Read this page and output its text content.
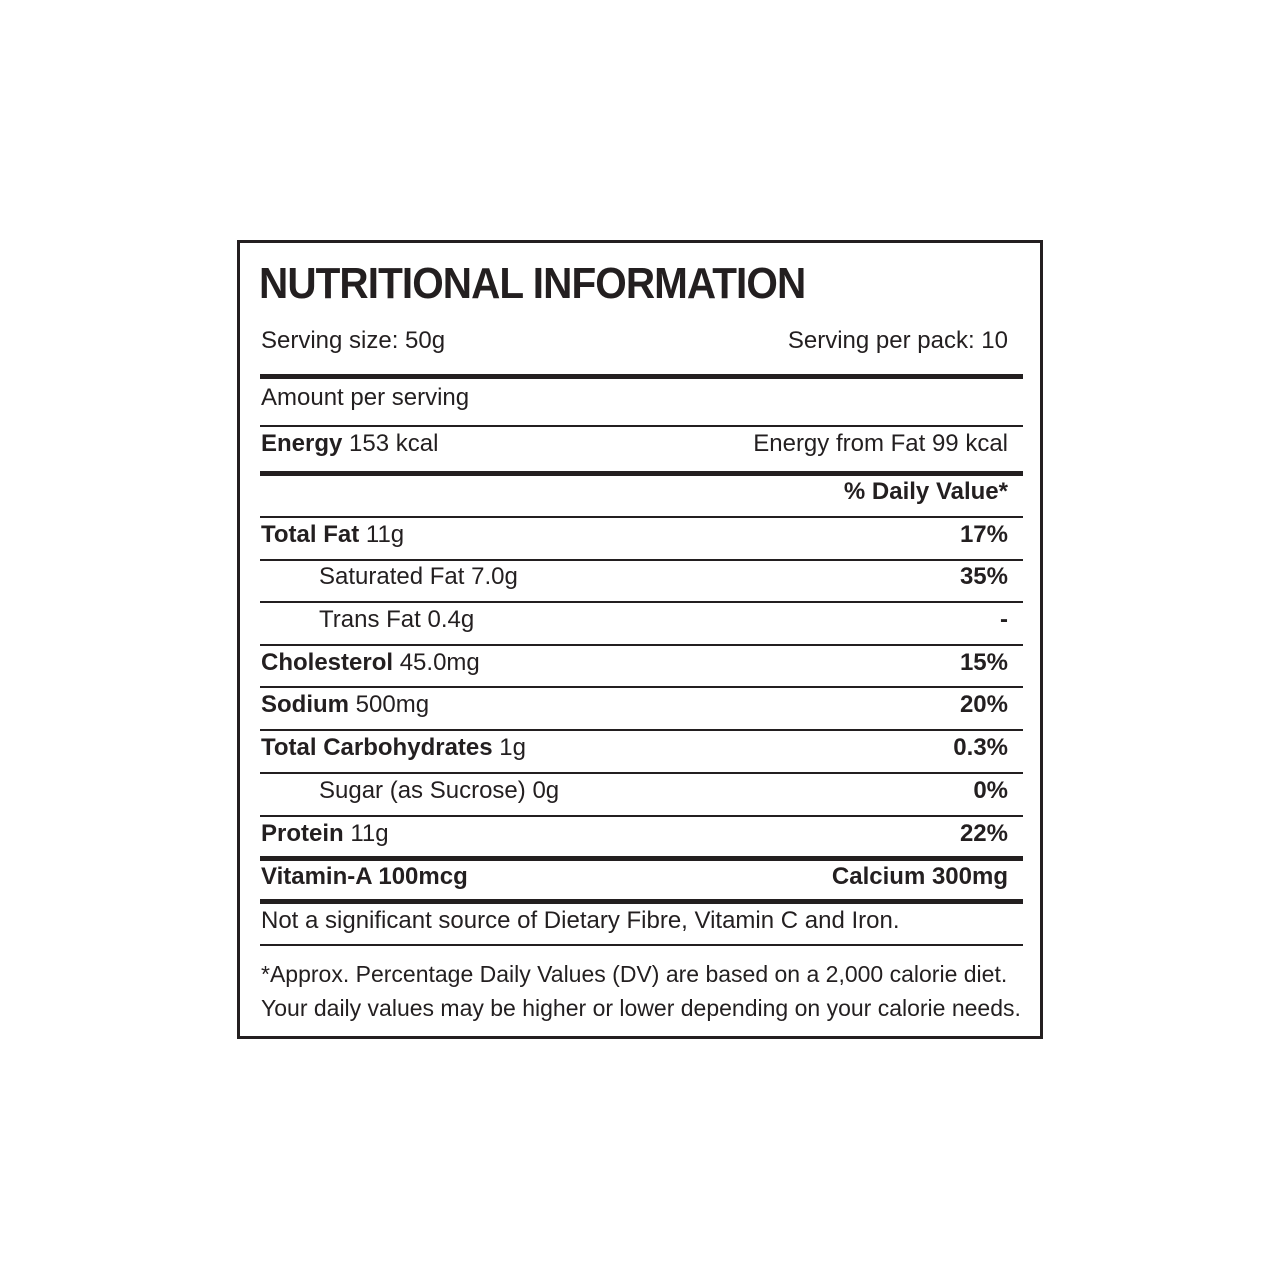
NUTRITIONAL INFORMATION
Serving size: 50g	Serving per pack: 10
Amount per serving
Energy 153 kcal	Energy from Fat 99 kcal
% Daily Value*
Total Fat 11g	17%
Saturated Fat 7.0g	35%
Trans Fat 0.4g	-
Cholesterol 45.0mg	15%
Sodium 500mg	20%
Total Carbohydrates 1g	0.3%
Sugar (as Sucrose) 0g	0%
Protein 11g	22%
Vitamin-A 100mcg	Calcium 300mg
Not a significant source of Dietary Fibre, Vitamin C and Iron.
*Approx. Percentage Daily Values (DV) are based on a 2,000 calorie diet.
Your daily values may be higher or lower depending on your calorie needs.
